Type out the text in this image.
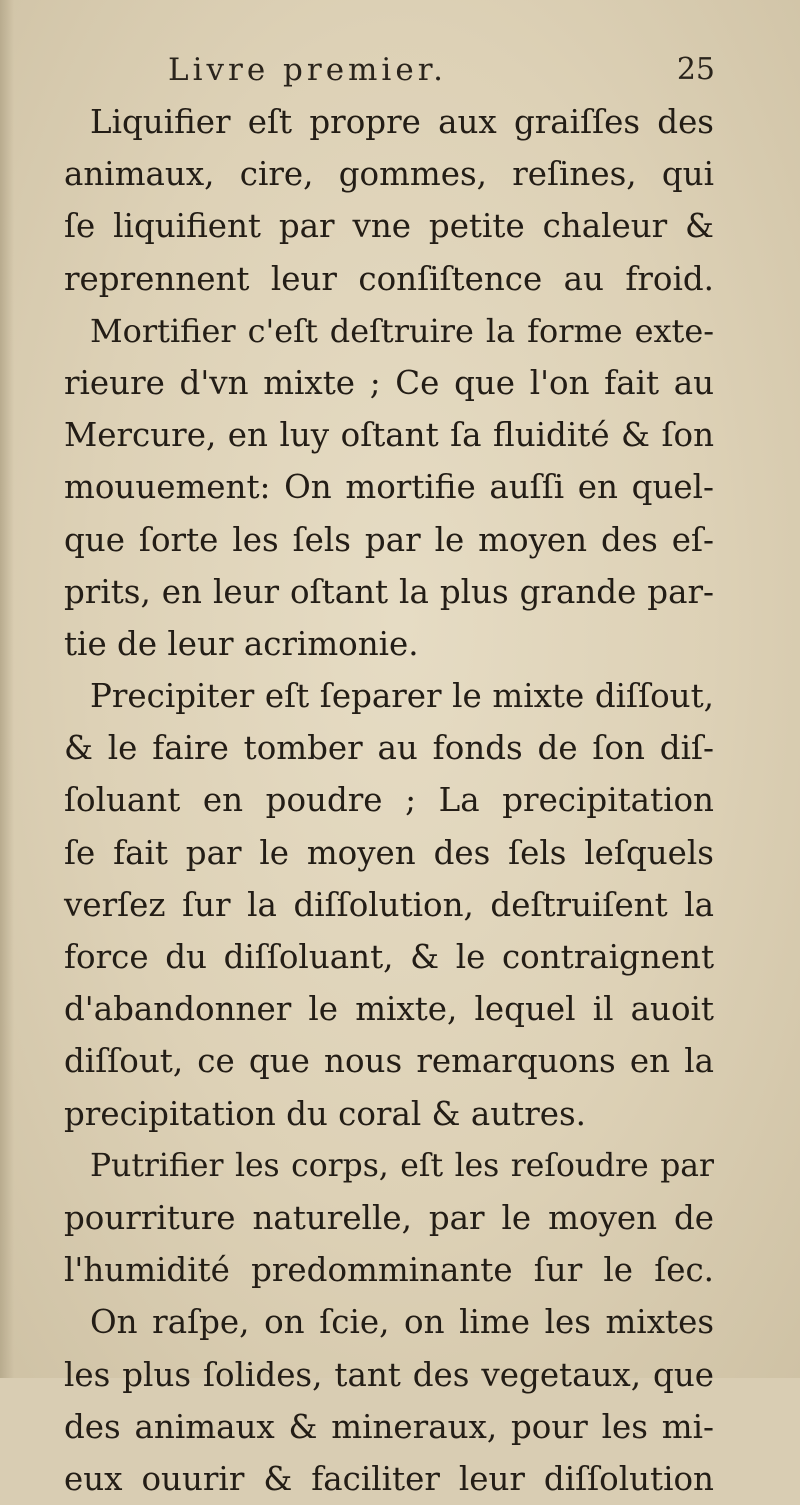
Livre premier.	25
Liquifier eſt propre aux graiſſes des
animaux, cire, gommes, reſines, qui
ſe liquifient par vne petite chaleur &
reprennent leur conſiſtence au froid.
Mortifier c'eſt deſtruire la forme exte-
rieure d'vn mixte ; Ce que l'on fait au
Mercure, en luy oſtant ſa fluidité & ſon
mouuement: On mortifie auſſi en quel-
que ſorte les ſels par le moyen des eſ-
prits, en leur oſtant la plus grande par-
tie de leur acrimonie.
Precipiter eſt ſeparer le mixte diſſout,
& le faire tomber au fonds de ſon diſ-
ſoluant en poudre ; La precipitation
ſe fait par le moyen des ſels leſquels
verſez ſur la diſſolution, deſtruiſent la
force du diſſoluant, & le contraignent
d'abandonner le mixte, lequel il auoit
diſſout, ce que nous remarquons en la
precipitation du coral & autres.
Putrifier les corps, eſt les reſoudre par
pourriture naturelle, par le moyen de
l'humidité predomminante ſur le ſec.
On raſpe, on ſcie, on lime les mixtes
les plus ſolides, tant des vegetaux, que
des animaux & mineraux, pour les mi-
eux ouurir & faciliter leur diſſolution
